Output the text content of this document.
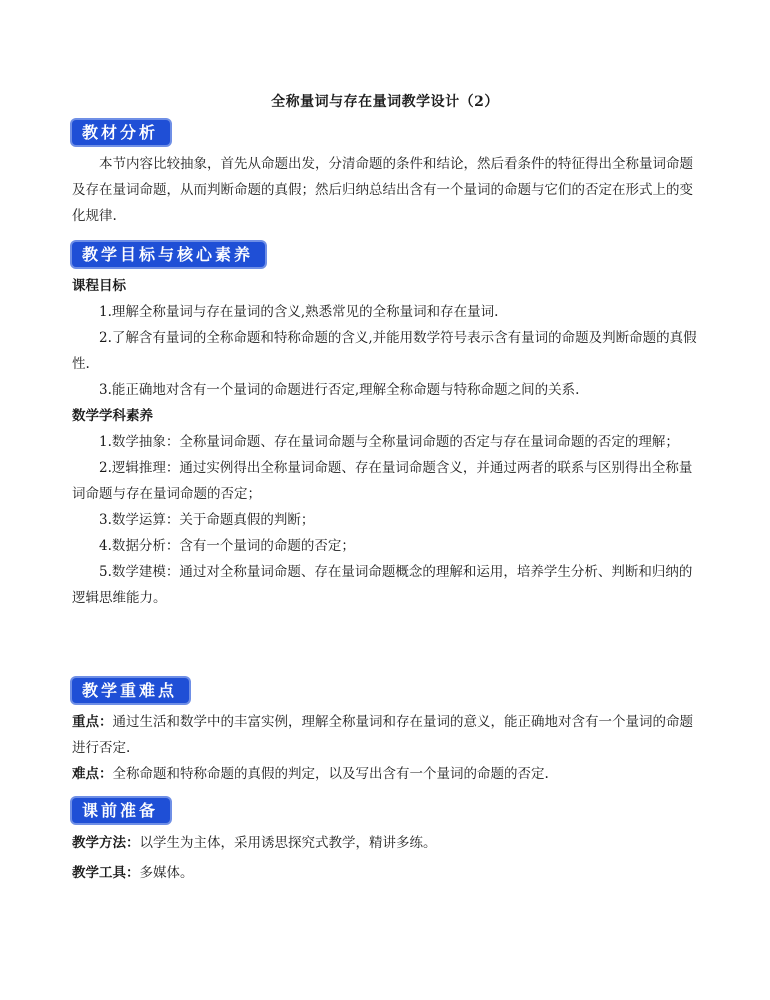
全称量词与存在量词教学设计（2）
教材分析

本节内容比较抽象，首先从命题出发，分清命题的条件和结论，然后看条件的特征得出全称量词命题及存在量词命题，从而判断命题的真假；然后归纳总结出含有一个量词的命题与它们的否定在形式上的变化规律.

教学目标与核心素养

课程目标

1.理解全称量词与存在量词的含义,熟悉常见的全称量词和存在量词.

2.了解含有量词的全称命题和特称命题的含义,并能用数学符号表示含有量词的命题及判断命题的真假性.

3.能正确地对含有一个量词的命题进行否定,理解全称命题与特称命题之间的关系.

数学学科素养

1.数学抽象：全称量词命题、存在量词命题与全称量词命题的否定与存在量词命题的否定的理解；

2.逻辑推理：通过实例得出全称量词命题、存在量词命题含义，并通过两者的联系与区别得出全称量词命题与存在量词命题的否定；

3.数学运算：关于命题真假的判断；

4.数据分析：含有一个量词的命题的否定；

5.数学建模：通过对全称量词命题、存在量词命题概念的理解和运用，培养学生分析、判断和归纳的逻辑思维能力。

教学重难点

重点：通过生活和数学中的丰富实例，理解全称量词和存在量词的意义，能正确地对含有一个量词的命题进行否定.

难点：全称命题和特称命题的真假的判定，以及写出含有一个量词的命题的否定.

课前准备

教学方法：以学生为主体，采用诱思探究式教学，精讲多练。

教学工具：多媒体。
